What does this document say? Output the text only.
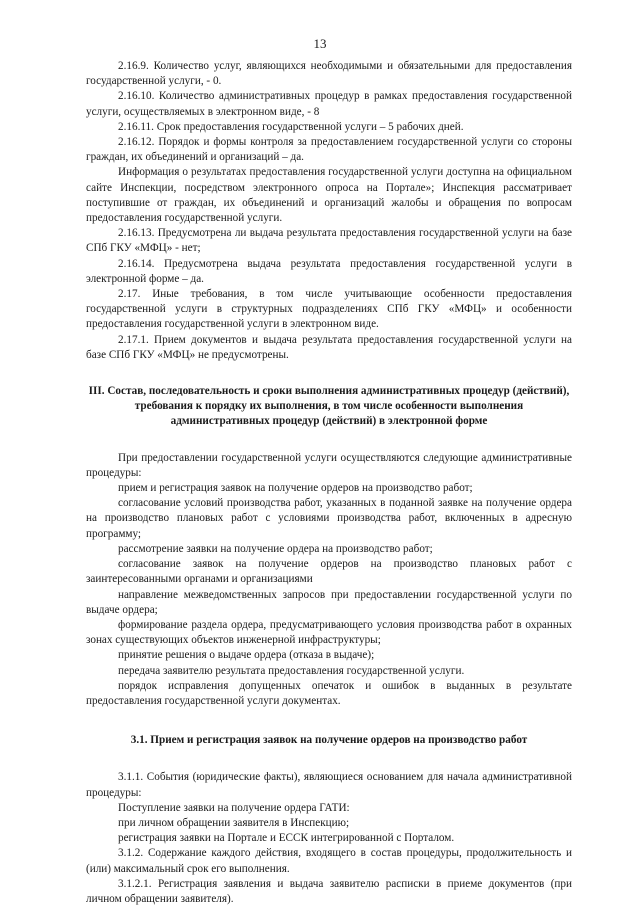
13

2.16.9. Количество услуг, являющихся необходимыми и обязательными для предоставления государственной услуги, - 0.

2.16.10. Количество административных процедур в рамках предоставления государственной услуги, осуществляемых в электронном виде, - 8

2.16.11. Срок предоставления государственной услуги – 5 рабочих дней.

2.16.12. Порядок и формы контроля за предоставлением государственной услуги со стороны граждан, их объединений и организаций – да.

Информация о результатах предоставления государственной услуги доступна на официальном сайте Инспекции, посредством электронного опроса на Портале»; Инспекция рассматривает поступившие от граждан, их объединений и организаций жалобы и обращения по вопросам предоставления государственной услуги.

2.16.13. Предусмотрена ли выдача результата предоставления государственной услуги на базе СПб ГКУ «МФЦ» - нет;

2.16.14. Предусмотрена выдача результата предоставления государственной услуги в электронной форме – да.

2.17. Иные требования, в том числе учитывающие особенности предоставления государственной услуги в структурных подразделениях СПб ГКУ «МФЦ» и особенности предоставления государственной услуги в электронном виде.

2.17.1. Прием документов и выдача результата предоставления государственной услуги на базе СПб ГКУ «МФЦ» не предусмотрены.

III. Состав, последовательность и сроки выполнения административных процедур (действий), требования к порядку их выполнения, в том числе особенности выполнения административных процедур (действий) в электронной форме

При предоставлении государственной услуги осуществляются следующие административные процедуры:

прием и регистрация заявок на получение ордеров на производство работ;

согласование условий производства работ, указанных в поданной заявке на получение ордера на производство плановых работ с условиями производства работ, включенных в адресную программу;

рассмотрение заявки на получение ордера на производство работ;

согласование заявок на получение ордеров на производство плановых работ с заинтересованными органами и организациями

направление межведомственных запросов при предоставлении государственной услуги по выдаче ордера;

формирование раздела ордера, предусматривающего условия производства работ в охранных зонах существующих объектов инженерной инфраструктуры;

принятие решения о выдаче ордера (отказа в выдаче);

передача заявителю результата предоставления государственной услуги.

порядок исправления допущенных опечаток и ошибок в выданных в результате предоставления государственной услуги документах.

3.1. Прием и регистрация заявок на получение ордеров на производство работ

3.1.1. События (юридические факты), являющиеся основанием для начала административной процедуры:

Поступление заявки на получение ордера ГАТИ:

при личном обращении заявителя в Инспекцию;

регистрация заявки на Портале и ЕССК интегрированной с Порталом.

3.1.2. Содержание каждого действия, входящего в состав процедуры, продолжительность и (или) максимальный срок его выполнения.

3.1.2.1. Регистрация заявления и выдача заявителю расписки в приеме документов (при личном обращении заявителя).
